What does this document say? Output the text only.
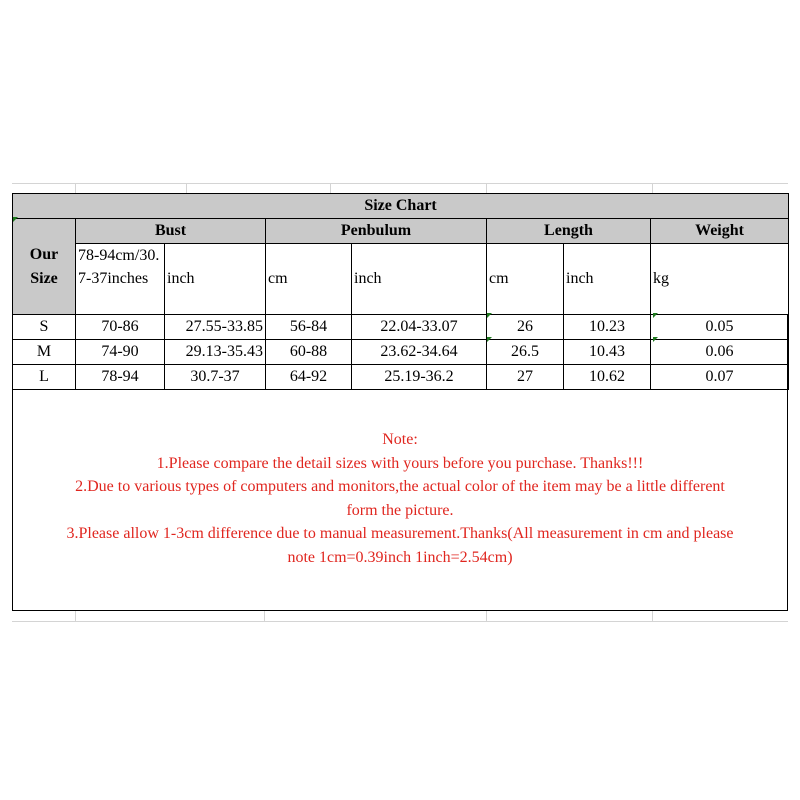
Size Chart							
Our Size	Bust		Penbulum		Length		Weight
	78-94cm/30.7-37inches	inch	cm	inch	cm	inch	kg
S	70-86	27.55-33.85	56-84	22.04-33.07	26	10.23	0.05
M	74-90	29.13-35.43	60-88	23.62-34.64	26.5	10.43	0.06
L	78-94	30.7-37	64-92	25.19-36.2	27	10.62	0.07
Note:
1.Please compare the detail sizes with yours before you purchase. Thanks!!!
2.Due to various types of computers and monitors,the actual color of the item may be a little different
form the picture.
3.Please allow 1-3cm difference due to manual measurement.Thanks(All measurement in cm and please
note 1cm=0.39inch 1inch=2.54cm)
